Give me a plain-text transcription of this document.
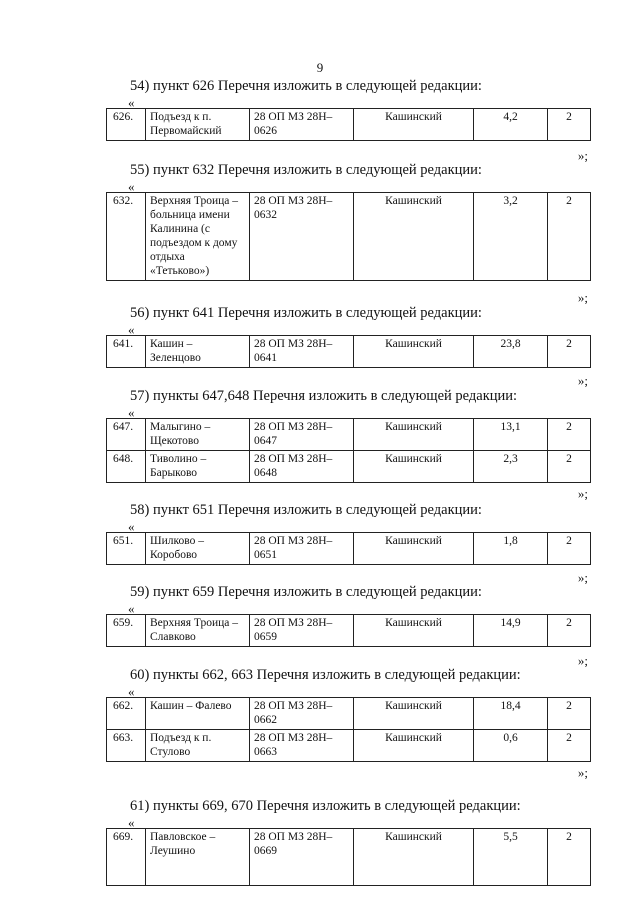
9
54) пункт 626 Перечня изложить в следующей редакции:
«
626.	Подъезд к п. Первомайский	28 ОП МЗ 28Н–0626	Кашинский	4,2	2
»;
55) пункт 632 Перечня изложить в следующей редакции:
«
632.	Верхняя Троица – больница имени Калинина (с подъездом к дому отдыха «Тетьково»)	28 ОП МЗ 28Н–0632	Кашинский	3,2	2
»;
56) пункт 641 Перечня изложить в следующей редакции:
«
641.	Кашин – Зеленцово	28 ОП МЗ 28Н–0641	Кашинский	23,8	2
»;
57) пункты 647,648 Перечня изложить в следующей редакции:
«
647.	Малыгино – Щекотово	28 ОП МЗ 28Н–0647	Кашинский	13,1	2
648.	Тиволино – Барыково	28 ОП МЗ 28Н–0648	Кашинский	2,3	2
»;
58) пункт 651 Перечня изложить в следующей редакции:
«
651.	Шилково – Коробово	28 ОП МЗ 28Н–0651	Кашинский	1,8	2
»;
59) пункт 659 Перечня изложить в следующей редакции:
«
659.	Верхняя Троица – Славково	28 ОП МЗ 28Н–0659	Кашинский	14,9	2
»;
60) пункты 662, 663 Перечня изложить в следующей редакции:
«
662.	Кашин – Фалево	28 ОП МЗ 28Н–0662	Кашинский	18,4	2
663.	Подъезд к п. Стулово	28 ОП МЗ 28Н–0663	Кашинский	0,6	2
»;
61) пункты 669, 670 Перечня изложить в следующей редакции:
«
669.	Павловское – Леушино	28 ОП МЗ 28Н–0669	Кашинский	5,5	2
